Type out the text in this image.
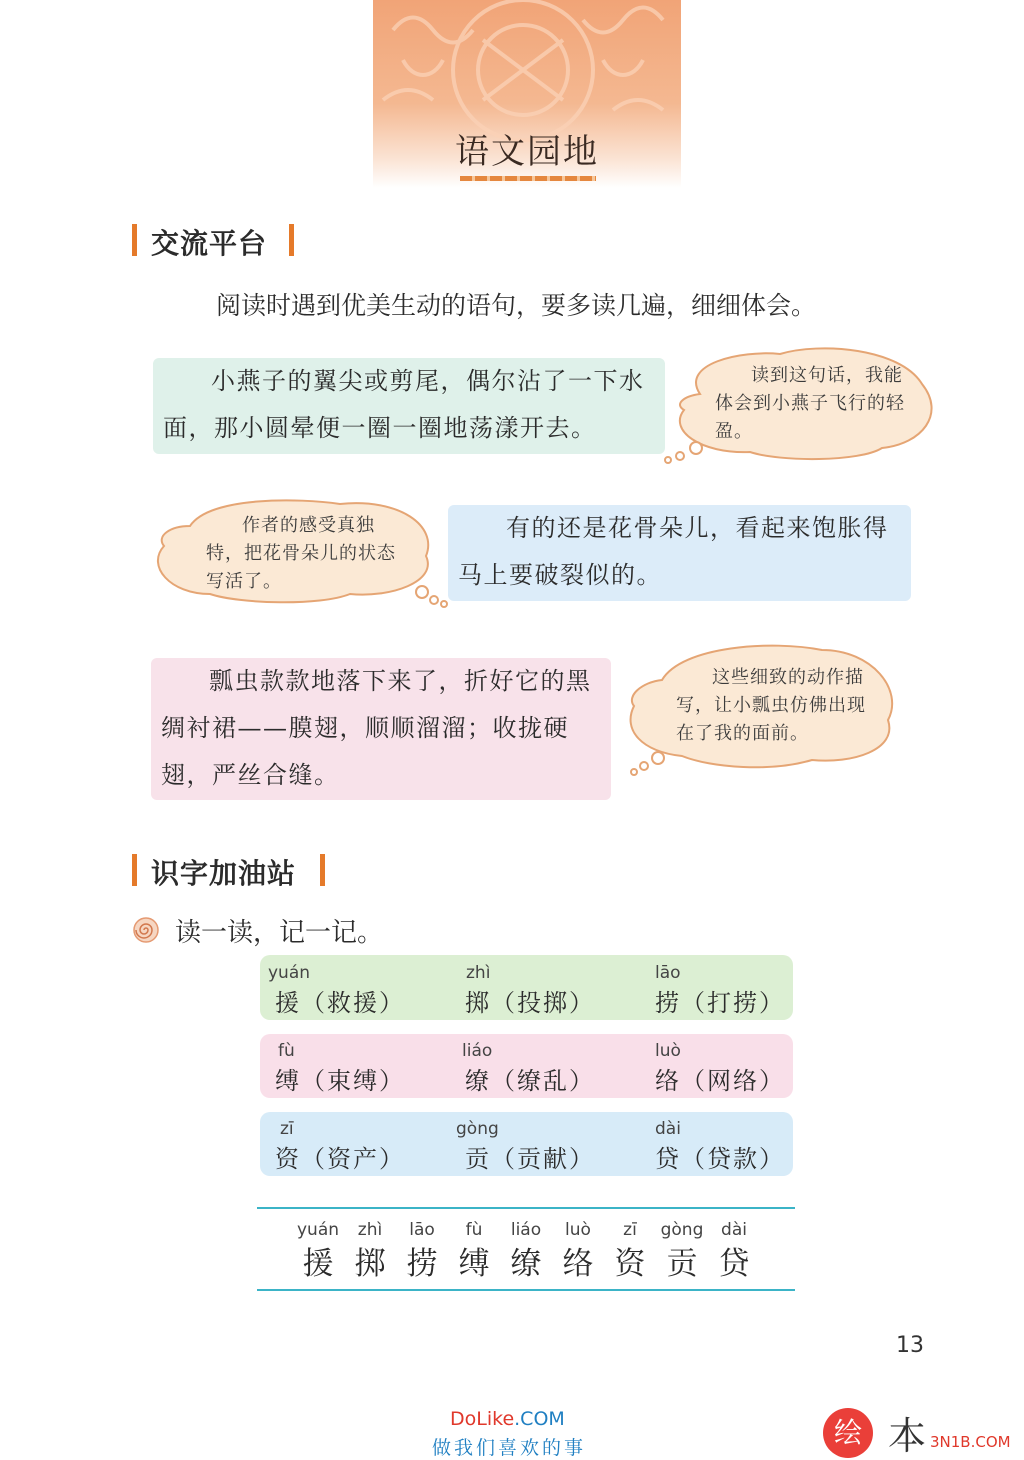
语文园地
交流平台
阅读时遇到优美生动的语句，要多读几遍，细细体会。
小燕子的翼尖或剪尾，偶尔沾了一下水面，那小圆晕便一圈一圈地荡漾开去。
读到这句话，我能体会到小燕子飞行的轻盈。
作者的感受真独特，把花骨朵儿的状态写活了。
有的还是花骨朵儿，看起来饱胀得马上要破裂似的。
瓢虫款款地落下来了，折好它的黑绸衬裙——膜翅，顺顺溜溜；收拢硬翅，严丝合缝。
这些细致的动作描写，让小瓢虫仿佛出现在了我的面前。
识字加油站
读一读，记一记。
yuán
援（救援）
zhì
掷（投掷）
lāo
捞（打捞）
fù
缚（束缚）
liáo
缭（缭乱）
luò
络（网络）
zī
资（资产）
gòng
贡（贡献）
dài
贷（贷款）
yuán
援
zhì
掷
lāo
捞
fù
缚
liáo
缭
luò
络
zī
资
gòng
贡
dài
贷
13
DoLike.COM
做我们喜欢的事	绘 本 3N1B.COM
